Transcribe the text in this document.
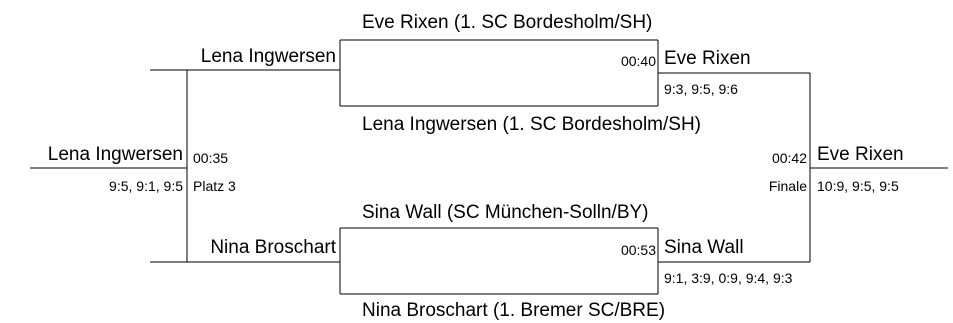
Eve Rixen (1. SC Bordesholm/SH)
Lena Ingwersen	00:40 Eve Rixen
9:3, 9:5, 9:6
Lena Ingwersen (1. SC Bordesholm/SH)
Lena Ingwersen 00:35
9:5, 9:1, 9:5 Platz 3
00:42 Eve Rixen
Finale 10:9, 9:5, 9:5
Sina Wall (SC München-Solln/BY)
Nina Broschart	00:53 Sina Wall
9:1, 3:9, 0:9, 9:4, 9:3
Nina Broschart (1. Bremer SC/BRE)
